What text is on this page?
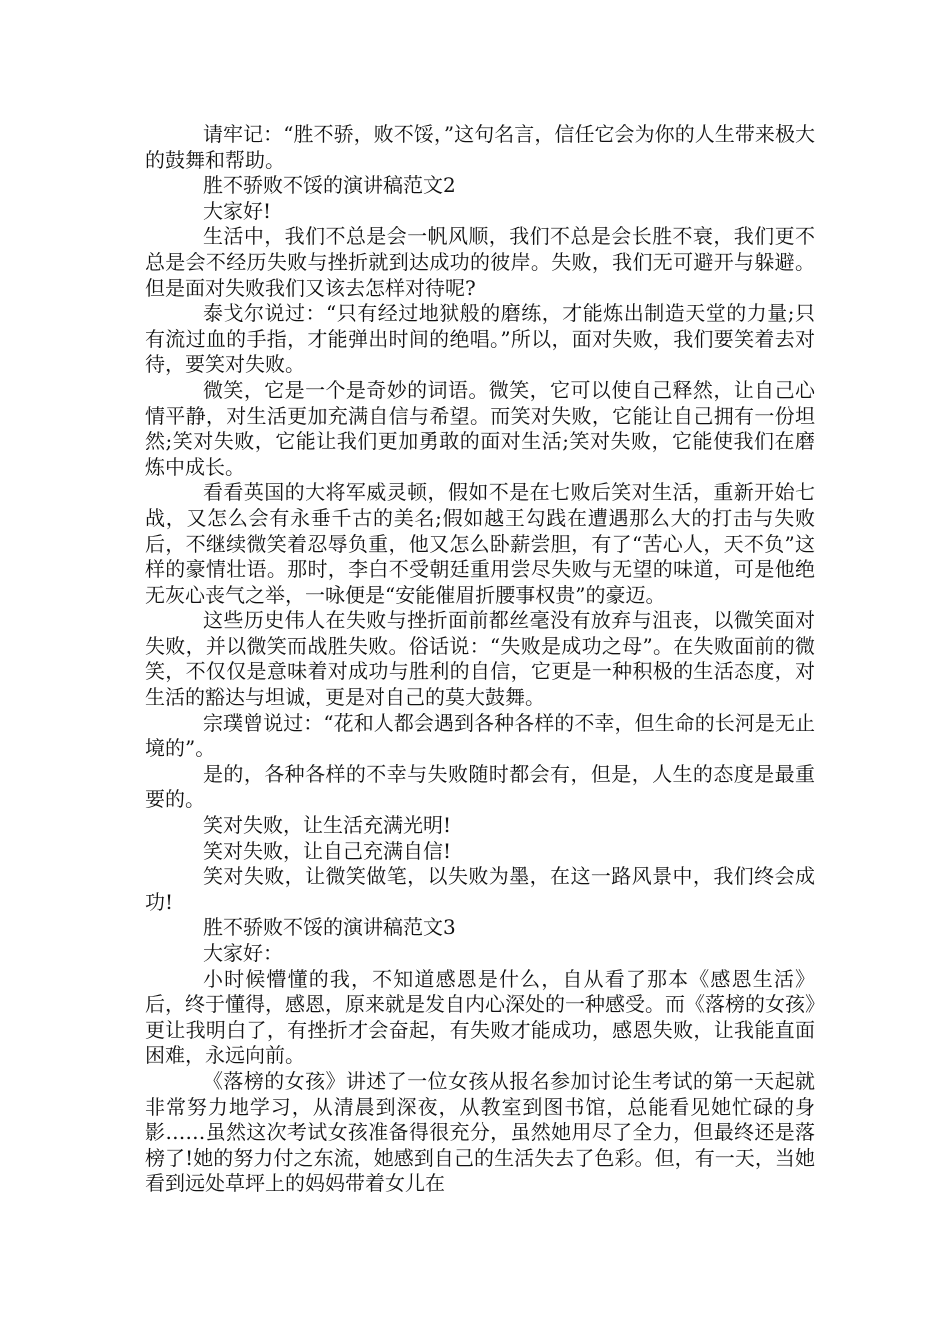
请牢记：“胜不骄，败不馁，”这句名言，信任它会为你的人生带来极大的鼓舞和帮助。

胜不骄败不馁的演讲稿范文2

大家好!

生活中，我们不总是会一帆风顺，我们不总是会长胜不衰，我们更不总是会不经历失败与挫折就到达成功的彼岸。失败，我们无可避开与躲避。但是面对失败我们又该去怎样对待呢?

泰戈尔说过：“只有经过地狱般的磨练，才能炼出制造天堂的力量;只有流过血的手指，才能弹出时间的绝唱。”所以，面对失败，我们要笑着去对待，要笑对失败。

微笑，它是一个是奇妙的词语。微笑，它可以使自己释然，让自己心情平静，对生活更加充满自信与希望。而笑对失败，它能让自己拥有一份坦然;笑对失败，它能让我们更加勇敢的面对生活;笑对失败，它能使我们在磨炼中成长。

看看英国的大将军威灵顿，假如不是在七败后笑对生活，重新开始七战，又怎么会有永垂千古的美名;假如越王勾践在遭遇那么大的打击与失败后，不继续微笑着忍辱负重，他又怎么卧薪尝胆，有了“苦心人，天不负”这样的豪情壮语。那时，李白不受朝廷重用尝尽失败与无望的味道，可是他绝无灰心丧气之举，一咏便是“安能催眉折腰事权贵”的豪迈。

这些历史伟人在失败与挫折面前都丝毫没有放弃与沮丧，以微笑面对失败，并以微笑而战胜失败。俗话说：“失败是成功之母”。在失败面前的微笑，不仅仅是意味着对成功与胜利的自信，它更是一种积极的生活态度，对生活的豁达与坦诚，更是对自己的莫大鼓舞。

宗璞曾说过：“花和人都会遇到各种各样的不幸，但生命的长河是无止境的”。

是的，各种各样的不幸与失败随时都会有，但是，人生的态度是最重要的。

笑对失败，让生活充满光明!

笑对失败，让自己充满自信!

笑对失败，让微笑做笔，以失败为墨，在这一路风景中，我们终会成功!

胜不骄败不馁的演讲稿范文3

大家好：

小时候懵懂的我，不知道感恩是什么，自从看了那本《感恩生活》后，终于懂得，感恩，原来就是发自内心深处的一种感受。而《落榜的女孩》更让我明白了，有挫折才会奋起，有失败才能成功，感恩失败，让我能直面困难，永远向前。

《落榜的女孩》讲述了一位女孩从报名参加讨论生考试的第一天起就非常努力地学习，从清晨到深夜，从教室到图书馆，总能看见她忙碌的身影……虽然这次考试女孩准备得很充分，虽然她用尽了全力，但最终还是落榜了!她的努力付之东流，她感到自己的生活失去了色彩。但，有一天，当她看到远处草坪上的妈妈带着女儿在
